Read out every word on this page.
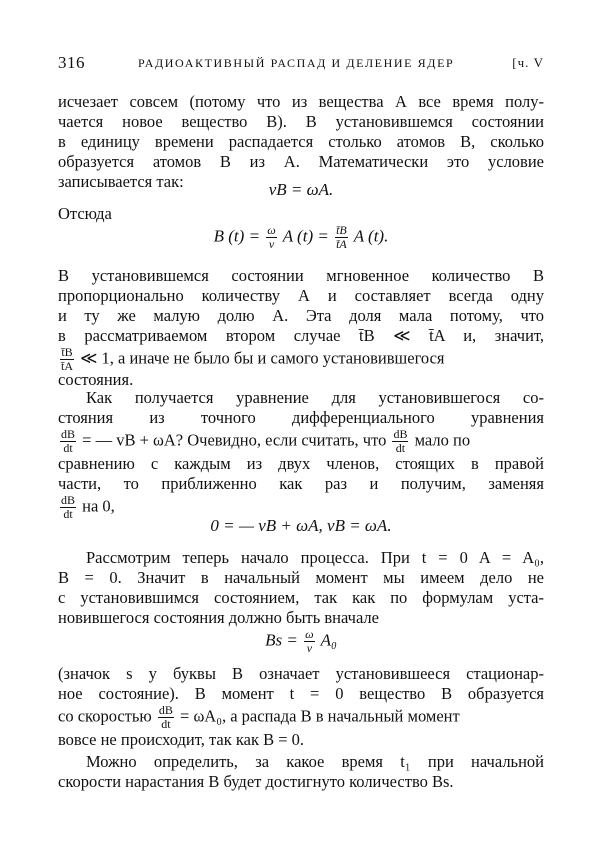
316	РАДИОАКТИВНЫЙ РАСПАД И ДЕЛЕНИЕ ЯДЕР	[ч. V
исчезает совсем (потому что из вещества А все время полу-
чается новое вещество В). В установившемся состоянии
в единицу времени распадается столько атомов В, сколько
образуется атомов В из А. Математически это условие
записывается так:	vB = ωA.
Отсюда
B $(t) = \frac{\omega}{v}$ A $(t) = \frac{t̄B}{t̄A}$ A (t).
В установившемся состоянии мгновенное количество В
пропорционально количеству А и составляет всегда одну
и ту же малую долю А. Эта доля мала потому, что
в рассматриваемом втором случае t̄B ≪ t̄A и, значит,
$\frac{t̄B}{t̄A}$ ≪ 1, а иначе не было бы и самого установившегося
состояния.
Как получается уравнение для установившегося со-
стояния из точного дифференциального уравнения
$\frac{dB}{dt}$ = — vB + ωA? Очевидно, если считать, что $\frac{dB}{dt}$ мало по
сравнению с каждым из двух членов, стоящих в правой
части, то приближенно как раз и получим, заменяя
$\frac{dB}{dt}$ на 0,
0 = — vB + ωA, vB = ωA.
Рассмотрим теперь начало процесса. При t = 0 A = A₀,
B = 0. Значит в начальный момент мы имеем дело не
с установившимся состоянием, так как по формулам уста-
новившегося состояния должно быть вначале
$Bs = \frac{\omega}{v} A_0$
(значок s у буквы В означает установившееся стационар-
ное состояние). В момент t = 0 вещество В образуется
со скоростью $\frac{dB}{dt} = \omega A_0$, а распада В в начальный момент
вовсе не происходит, так как B = 0.
Можно определить, за какое время t₁ при начальной
скорости нарастания В будет достигнуто количество Bs.
